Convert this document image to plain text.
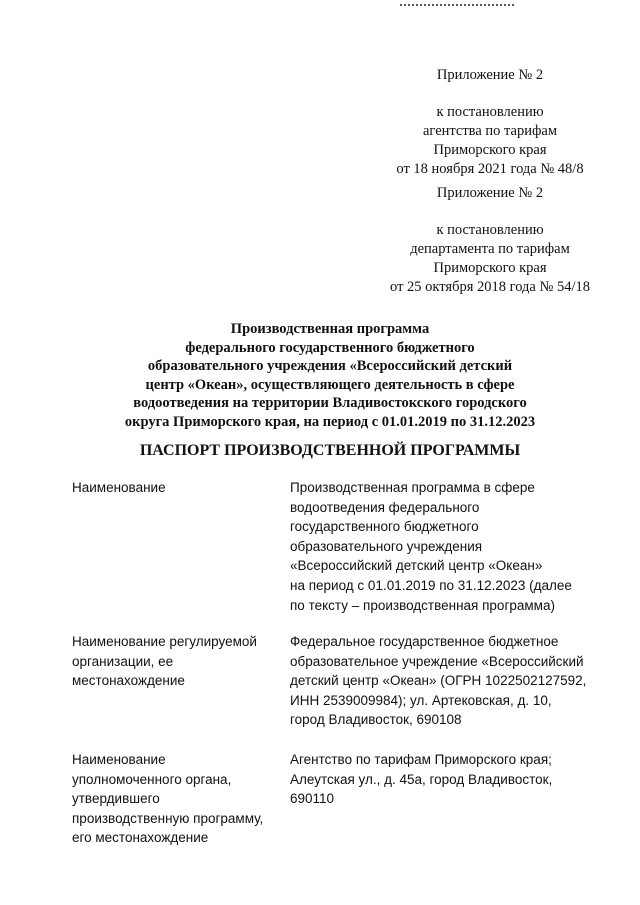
Приложение № 2
к постановлению
агентства по тарифам
Приморского края
от 18 ноября 2021 года № 48/8
Приложение № 2
к постановлению
департамента по тарифам
Приморского края
от 25 октября 2018 года № 54/18
Производственная программа
федерального государственного бюджетного
образовательного учреждения «Всероссийский детский
центр «Океан», осуществляющего деятельность в сфере
водоотведения на территории Владивостокского городского
округа Приморского края, на период с 01.01.2019 по 31.12.2023
ПАСПОРТ ПРОИЗВОДСТВЕННОЙ ПРОГРАММЫ
Наименование	Производственная программа в сфере
водоотведения федерального
государственного бюджетного
образовательного учреждения
«Всероссийский детский центр «Океан»
на период с 01.01.2019 по 31.12.2023 (далее
по тексту – производственная программа)
Наименование регулируемой
организации, ее
местонахождение
Федеральное государственное бюджетное
образовательное учреждение «Всероссийский
детский центр «Океан» (ОГРН 1022502127592,
ИНН 2539009984); ул. Артековская, д. 10,
город Владивосток, 690108
Наименование
уполномоченного органа,
утвердившего
производственную программу,
его местонахождение
Агентство по тарифам Приморского края;
Алеутская ул., д. 45а, город Владивосток,
690110
